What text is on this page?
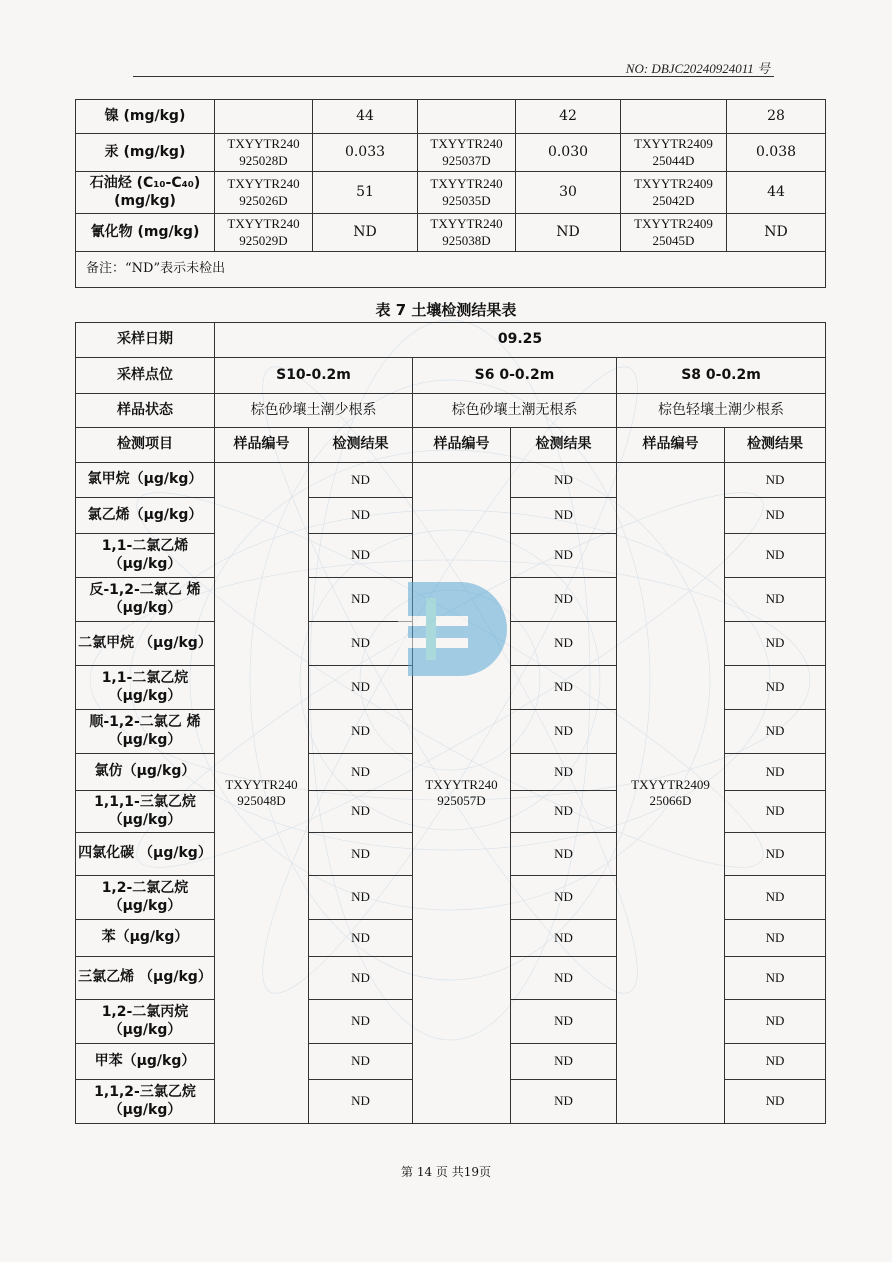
NO: DBJC20240924011 号
镍 (mg/kg)		44		42		28
汞 (mg/kg)	TXYYTR240 925028D	0.033	TXYYTR240 925037D	0.030	TXYYTR2409 25044D	0.038
石油烃 (C₁₀-C₄₀) (mg/kg)	TXYYTR240 925026D	51	TXYYTR240 925035D	30	TXYYTR2409 25042D	44
氰化物 (mg/kg)	TXYYTR240 925029D	ND	TXYYTR240 925038D	ND	TXYYTR2409 25045D	ND
备注：“ND”表示未检出						
表 7 土壤检测结果表
采样日期	09.25					
采样点位	S10-0.2m		S6 0-0.2m		S8 0-0.2m	
样品状态	棕色砂壤土潮少根系		棕色砂壤土潮无根系		棕色轻壤土潮少根系	
检测项目	样品编号	检测结果	样品编号	检测结果	样品编号	检测结果
氯甲烷（μg/kg）	TXYYTR240 925048D	ND	TXYYTR240 925057D	ND	TXYYTR2409 25066D	ND
氯乙烯（μg/kg）		ND		ND		ND
1,1-二氯乙烯 （μg/kg）		ND		ND		ND
反-1,2-二氯乙 烯（μg/kg）		ND		ND		ND
二氯甲烷 （μg/kg）		ND		ND		ND
1,1-二氯乙烷 （μg/kg）		ND		ND		ND
顺-1,2-二氯乙 烯（μg/kg）		ND		ND		ND
氯仿（μg/kg）		ND		ND		ND
1,1,1-三氯乙烷 （μg/kg）		ND		ND		ND
四氯化碳 （μg/kg）		ND		ND		ND
1,2-二氯乙烷 （μg/kg）		ND		ND		ND
苯（μg/kg）		ND		ND		ND
三氯乙烯 （μg/kg）		ND		ND		ND
1,2-二氯丙烷 （μg/kg）		ND		ND		ND
甲苯（μg/kg）		ND		ND		ND
1,1,2-三氯乙烷 （μg/kg）		ND		ND		ND
第 14 页 共19页
